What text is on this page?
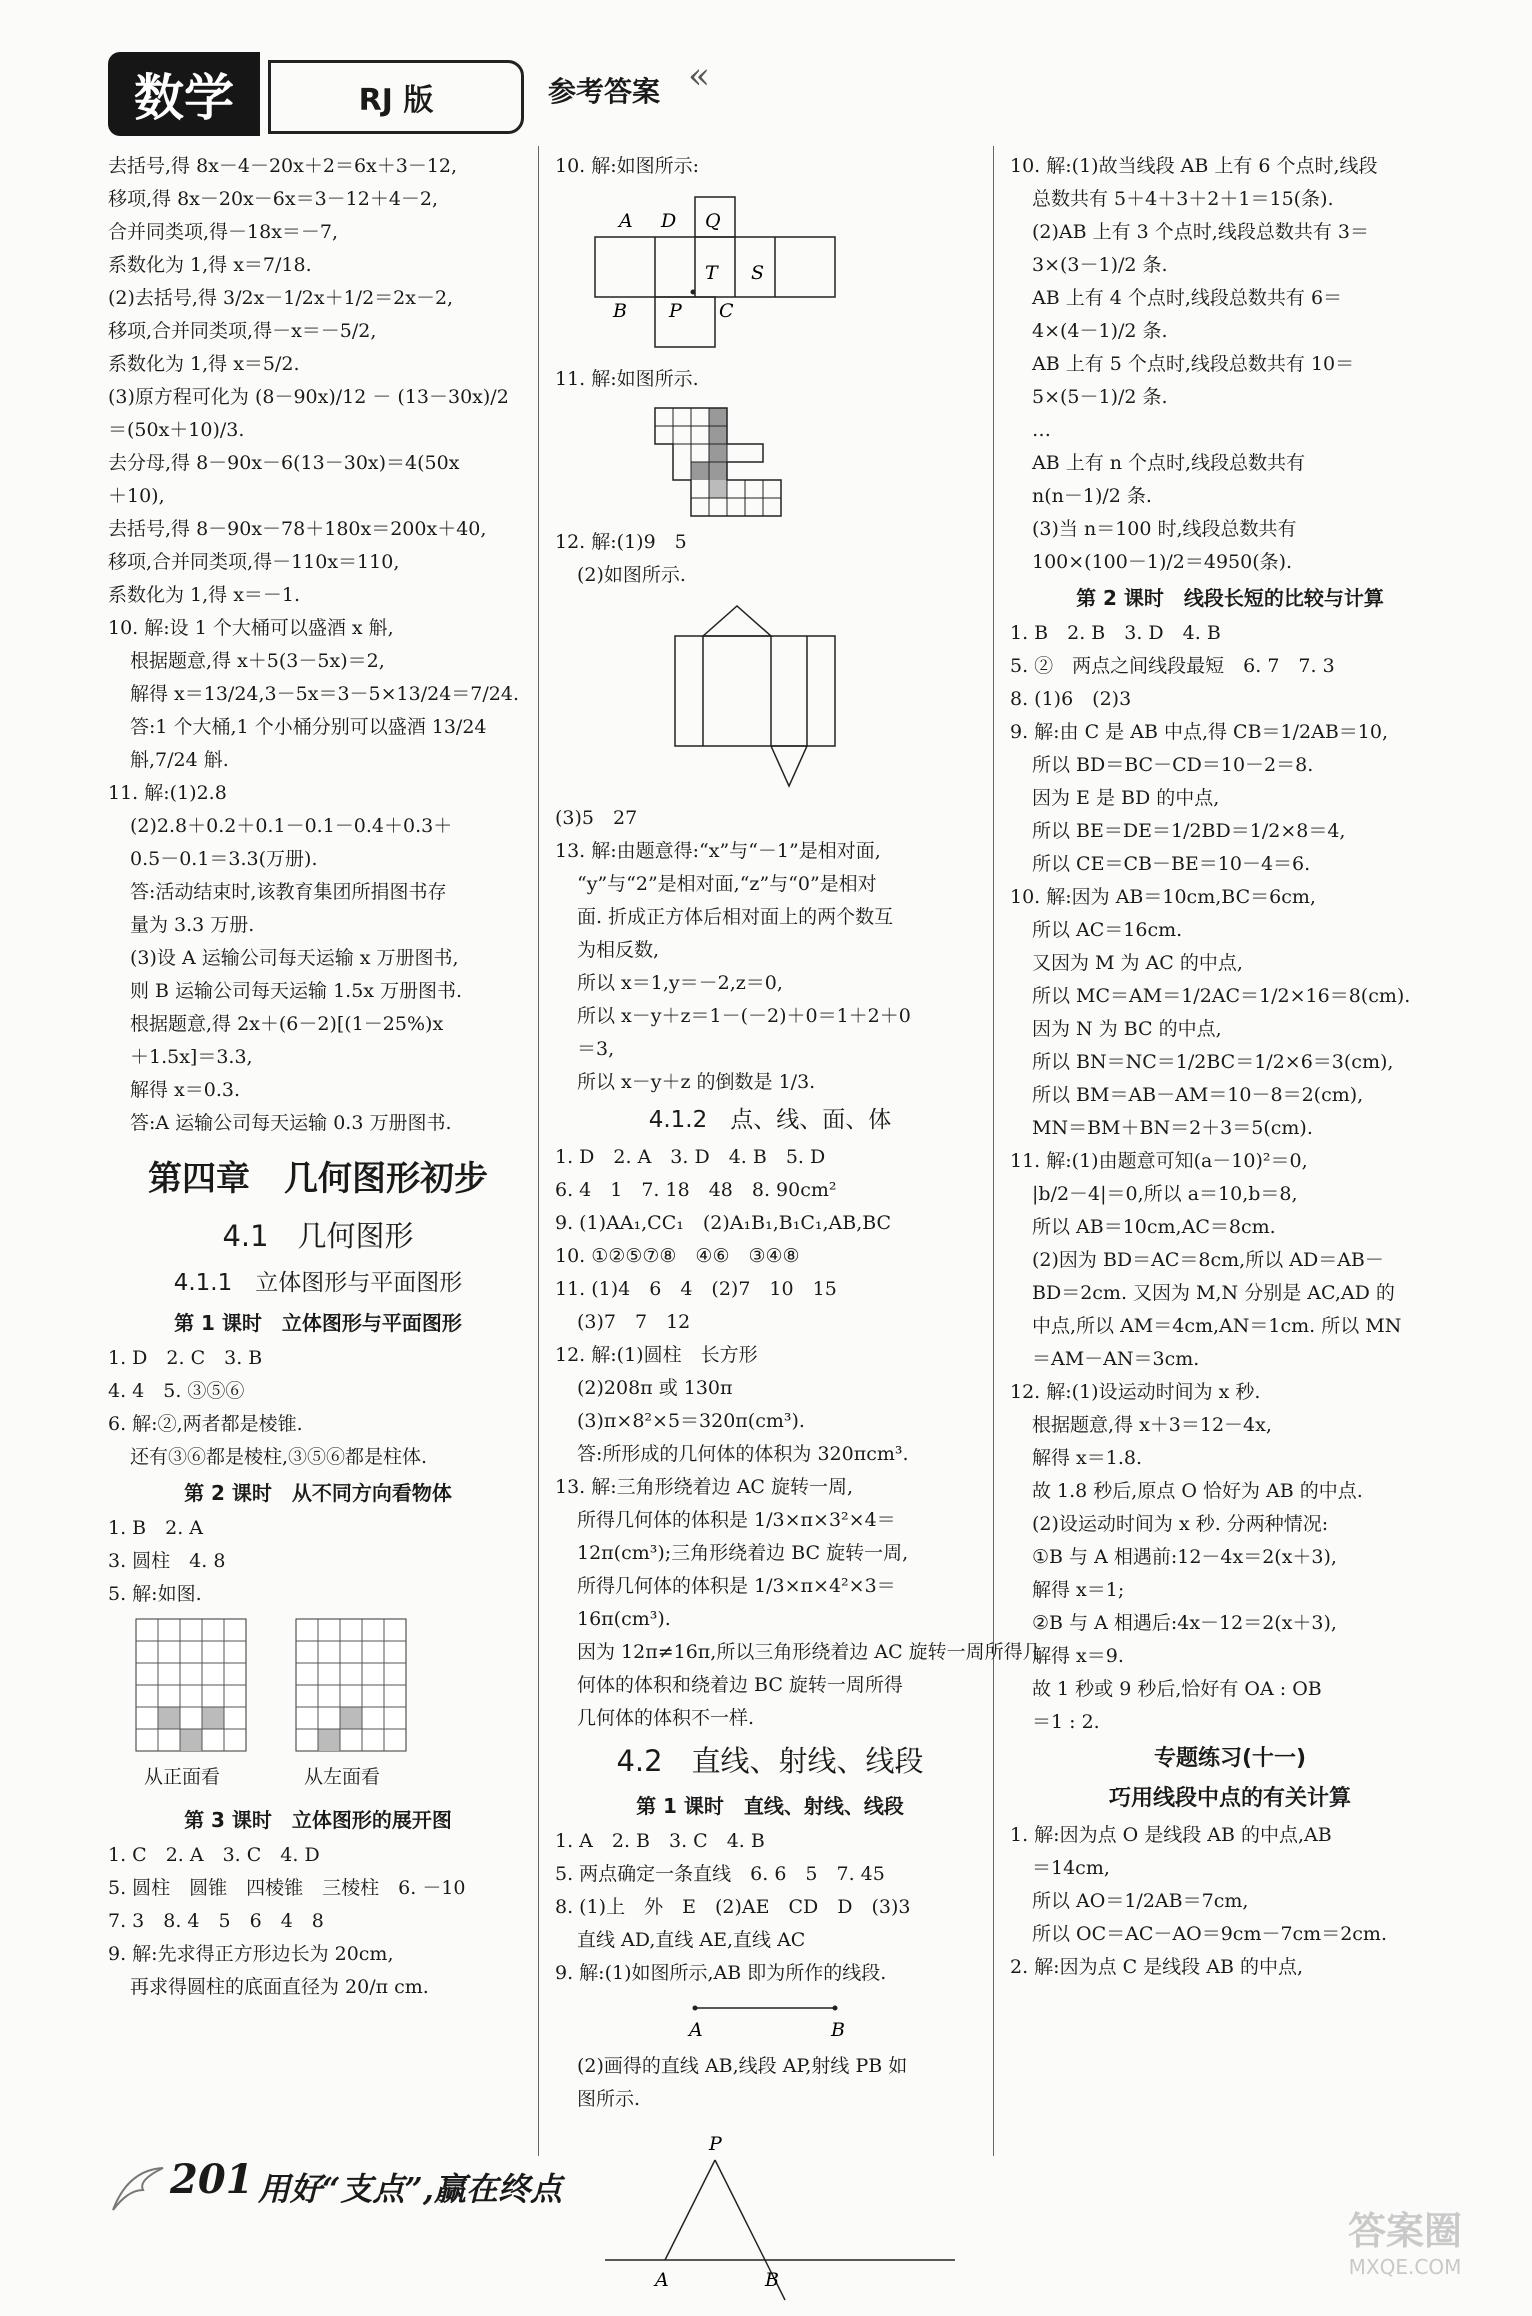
数学	RJ 版	参考答案 «
去括号,得 8x－4－20x＋2＝6x＋3－12,
移项,得 8x－20x－6x＝3－12＋4－2,
合并同类项,得－18x＝－7,
系数化为 1,得 x＝7/18.
(2)去括号,得 3/2x－1/2x＋1/2＝2x－2,
移项,合并同类项,得－x＝－5/2,
系数化为 1,得 x＝5/2.
(3)原方程可化为 (8－90x)/12 － (13－30x)/2
＝(50x＋10)/3.
去分母,得 8－90x－6(13－30x)＝4(50x
＋10),
去括号,得 8－90x－78＋180x＝200x＋40,
移项,合并同类项,得－110x＝110,
系数化为 1,得 x＝－1.
10. 解:设 1 个大桶可以盛酒 x 斛,
根据题意,得 x＋5(3－5x)＝2,
解得 x＝13/24,3－5x＝3－5×13/24＝7/24.
答:1 个大桶,1 个小桶分别可以盛酒 13/24
斛,7/24 斛.
11. 解:(1)2.8
(2)2.8＋0.2＋0.1－0.1－0.4＋0.3＋
0.5－0.1＝3.3(万册).
答:活动结束时,该教育集团所捐图书存
量为 3.3 万册.
(3)设 A 运输公司每天运输 x 万册图书,
则 B 运输公司每天运输 1.5x 万册图书.
根据题意,得 2x＋(6－2)[(1－25%)x
＋1.5x]＝3.3,
解得 x＝0.3.
答:A 运输公司每天运输 0.3 万册图书.
第四章　几何图形初步
4.1　几何图形
4.1.1　立体图形与平面图形
第 1 课时　立体图形与平面图形
1. D　2. C　3. B
4. 4　5. ③⑤⑥
6. 解:②,两者都是棱锥.
还有③⑥都是棱柱,③⑤⑥都是柱体.
第 2 课时　从不同方向看物体
1. B　2. A
3. 圆柱　4. 8
5. 解:如图.
从正面看	从左面看
第 3 课时　立体图形的展开图
1. C　2. A　3. C　4. D
5. 圆柱　圆锥　四棱锥　三棱柱　6. －10
7. 3　8. 4　5　6　4　8
9. 解:先求得正方形边长为 20cm,
再求得圆柱的底面直径为 20/π cm.
10. 解:如图所示:
A D Q
T S
B P C
11. 解:如图所示.
12. 解:(1)9　5
(2)如图所示.
(3)5　27
13. 解:由题意得:“x”与“－1”是相对面,
“y”与“2”是相对面,“z”与“0”是相对
面. 折成正方体后相对面上的两个数互
为相反数,
所以 x＝1,y＝－2,z＝0,
所以 x－y＋z＝1－(－2)＋0＝1＋2＋0
＝3,
所以 x－y＋z 的倒数是 1/3.
4.1.2　点、线、面、体
1. D　2. A　3. D　4. B　5. D
6. 4　1　7. 18　48　8. 90cm²
9. (1)AA₁,CC₁　(2)A₁B₁,B₁C₁,AB,BC
10. ①②⑤⑦⑧　④⑥　③④⑧
11. (1)4　6　4　(2)7　10　15
(3)7　7　12
12. 解:(1)圆柱　长方形
(2)208π 或 130π
(3)π×8²×5＝320π(cm³).
答:所形成的几何体的体积为 320πcm³.
13. 解:三角形绕着边 AC 旋转一周,
所得几何体的体积是 1/3×π×3²×4＝
12π(cm³);三角形绕着边 BC 旋转一周,
所得几何体的体积是 1/3×π×4²×3＝
16π(cm³).
因为 12π≠16π,所以三角形绕着边 AC 旋转一周所得几
何体的体积和绕着边 BC 旋转一周所得
几何体的体积不一样.
4.2　直线、射线、线段
第 1 课时　直线、射线、线段
1. A　2. B　3. C　4. B
5. 两点确定一条直线　6. 6　5　7. 45
8. (1)上　外　E　(2)AE　CD　D　(3)3
直线 AD,直线 AE,直线 AC
9. 解:(1)如图所示,AB 即为所作的线段.
A	B
(2)画得的直线 AB,线段 AP,射线 PB 如
图所示.
P
A	B
10. 解:(1)故当线段 AB 上有 6 个点时,线段
总数共有 5＋4＋3＋2＋1＝15(条).
(2)AB 上有 3 个点时,线段总数共有 3＝
3×(3－1)/2 条.
AB 上有 4 个点时,线段总数共有 6＝
4×(4－1)/2 条.
AB 上有 5 个点时,线段总数共有 10＝
5×(5－1)/2 条.
…
AB 上有 n 个点时,线段总数共有
n(n－1)/2 条.
(3)当 n＝100 时,线段总数共有
100×(100－1)/2＝4950(条).
第 2 课时　线段长短的比较与计算
1. B　2. B　3. D　4. B
5. ②　两点之间线段最短　6. 7　7. 3
8. (1)6　(2)3
9. 解:由 C 是 AB 中点,得 CB＝1/2AB＝10,
所以 BD＝BC－CD＝10－2＝8.
因为 E 是 BD 的中点,
所以 BE＝DE＝1/2BD＝1/2×8＝4,
所以 CE＝CB－BE＝10－4＝6.
10. 解:因为 AB＝10cm,BC＝6cm,
所以 AC＝16cm.
又因为 M 为 AC 的中点,
所以 MC＝AM＝1/2AC＝1/2×16＝8(cm).
因为 N 为 BC 的中点,
所以 BN＝NC＝1/2BC＝1/2×6＝3(cm),
所以 BM＝AB－AM＝10－8＝2(cm),
MN＝BM＋BN＝2＋3＝5(cm).
11. 解:(1)由题意可知(a－10)²＝0,
|b/2－4|＝0,所以 a＝10,b＝8,
所以 AB＝10cm,AC＝8cm.
(2)因为 BD＝AC＝8cm,所以 AD＝AB－
BD＝2cm. 又因为 M,N 分别是 AC,AD 的
中点,所以 AM＝4cm,AN＝1cm. 所以 MN
＝AM－AN＝3cm.
12. 解:(1)设运动时间为 x 秒.
根据题意,得 x＋3＝12－4x,
解得 x＝1.8.
故 1.8 秒后,原点 O 恰好为 AB 的中点.
(2)设运动时间为 x 秒. 分两种情况:
①B 与 A 相遇前:12－4x＝2(x＋3),
解得 x＝1;
②B 与 A 相遇后:4x－12＝2(x＋3),
解得 x＝9.
故 1 秒或 9 秒后,恰好有 OA : OB
＝1 : 2.
专题练习(十一)
巧用线段中点的有关计算
1. 解:因为点 O 是线段 AB 的中点,AB
＝14cm,
所以 AO＝1/2AB＝7cm,
所以 OC＝AC－AO＝9cm－7cm＝2cm.
2. 解:因为点 C 是线段 AB 的中点,
201 用好“支点”,赢在终点
答案圈
MXQE.COM
